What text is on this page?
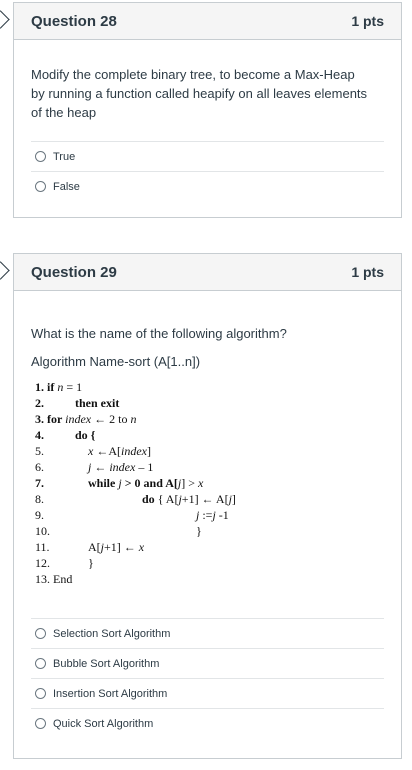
Question 28	1 pts
Modify the complete binary tree, to become a Max-Heap by running a function called heapify on all leaves elements of the heap
True
False
Question 29	1 pts
What is the name of the following algorithm?
Algorithm Name-sort (A[1..n])
1. if n = 1
2.	then exit
3. for index ← 2 to n
4.	do {
5.	x ←A[index]
6.	j ← index – 1
7.	while j > 0 and A[j] > x
8.	do { A[j+1] ← A[j]
9.	j :=j -1
10.	}
11.	A[j+1] ← x
12.	}
13. End
Selection Sort Algorithm
Bubble Sort Algorithm
Insertion Sort Algorithm
Quick Sort Algorithm
